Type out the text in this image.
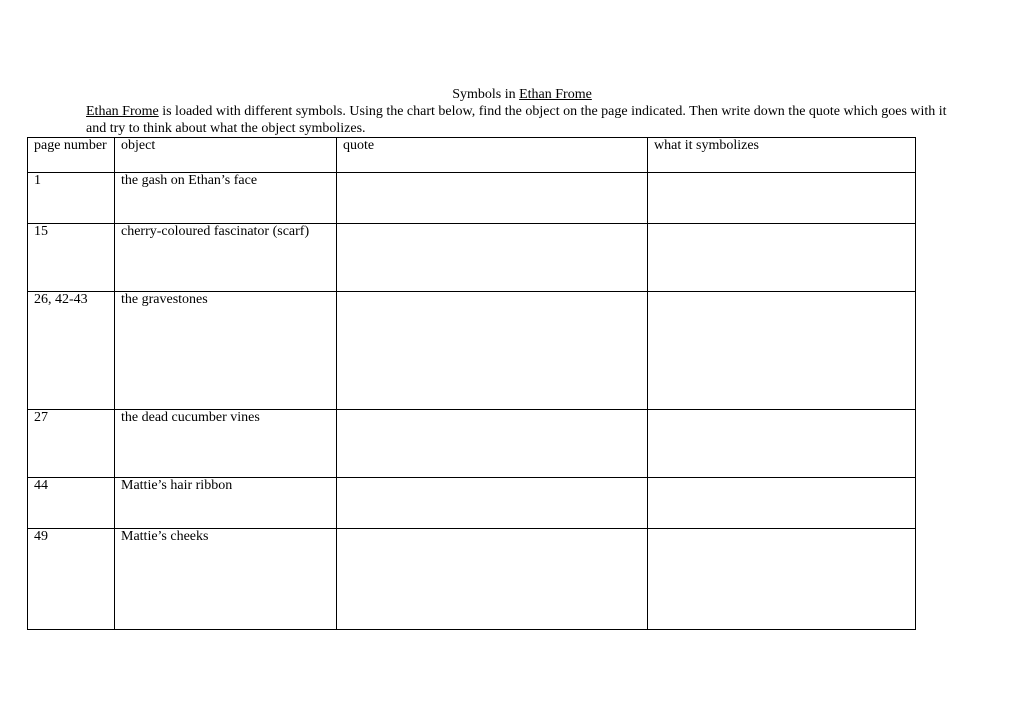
Symbols in Ethan Frome
Ethan Frome is loaded with different symbols. Using the chart below, find the object on the page indicated. Then write down the quote which goes with it and try to think about what the object symbolizes.
page number	object	quote	what it symbolizes
1	the gash on Ethan’s face		
15	cherry-coloured fascinator (scarf)		
26, 42-43	the gravestones		
27	the dead cucumber vines		
44	Mattie’s hair ribbon		
49	Mattie’s cheeks		
